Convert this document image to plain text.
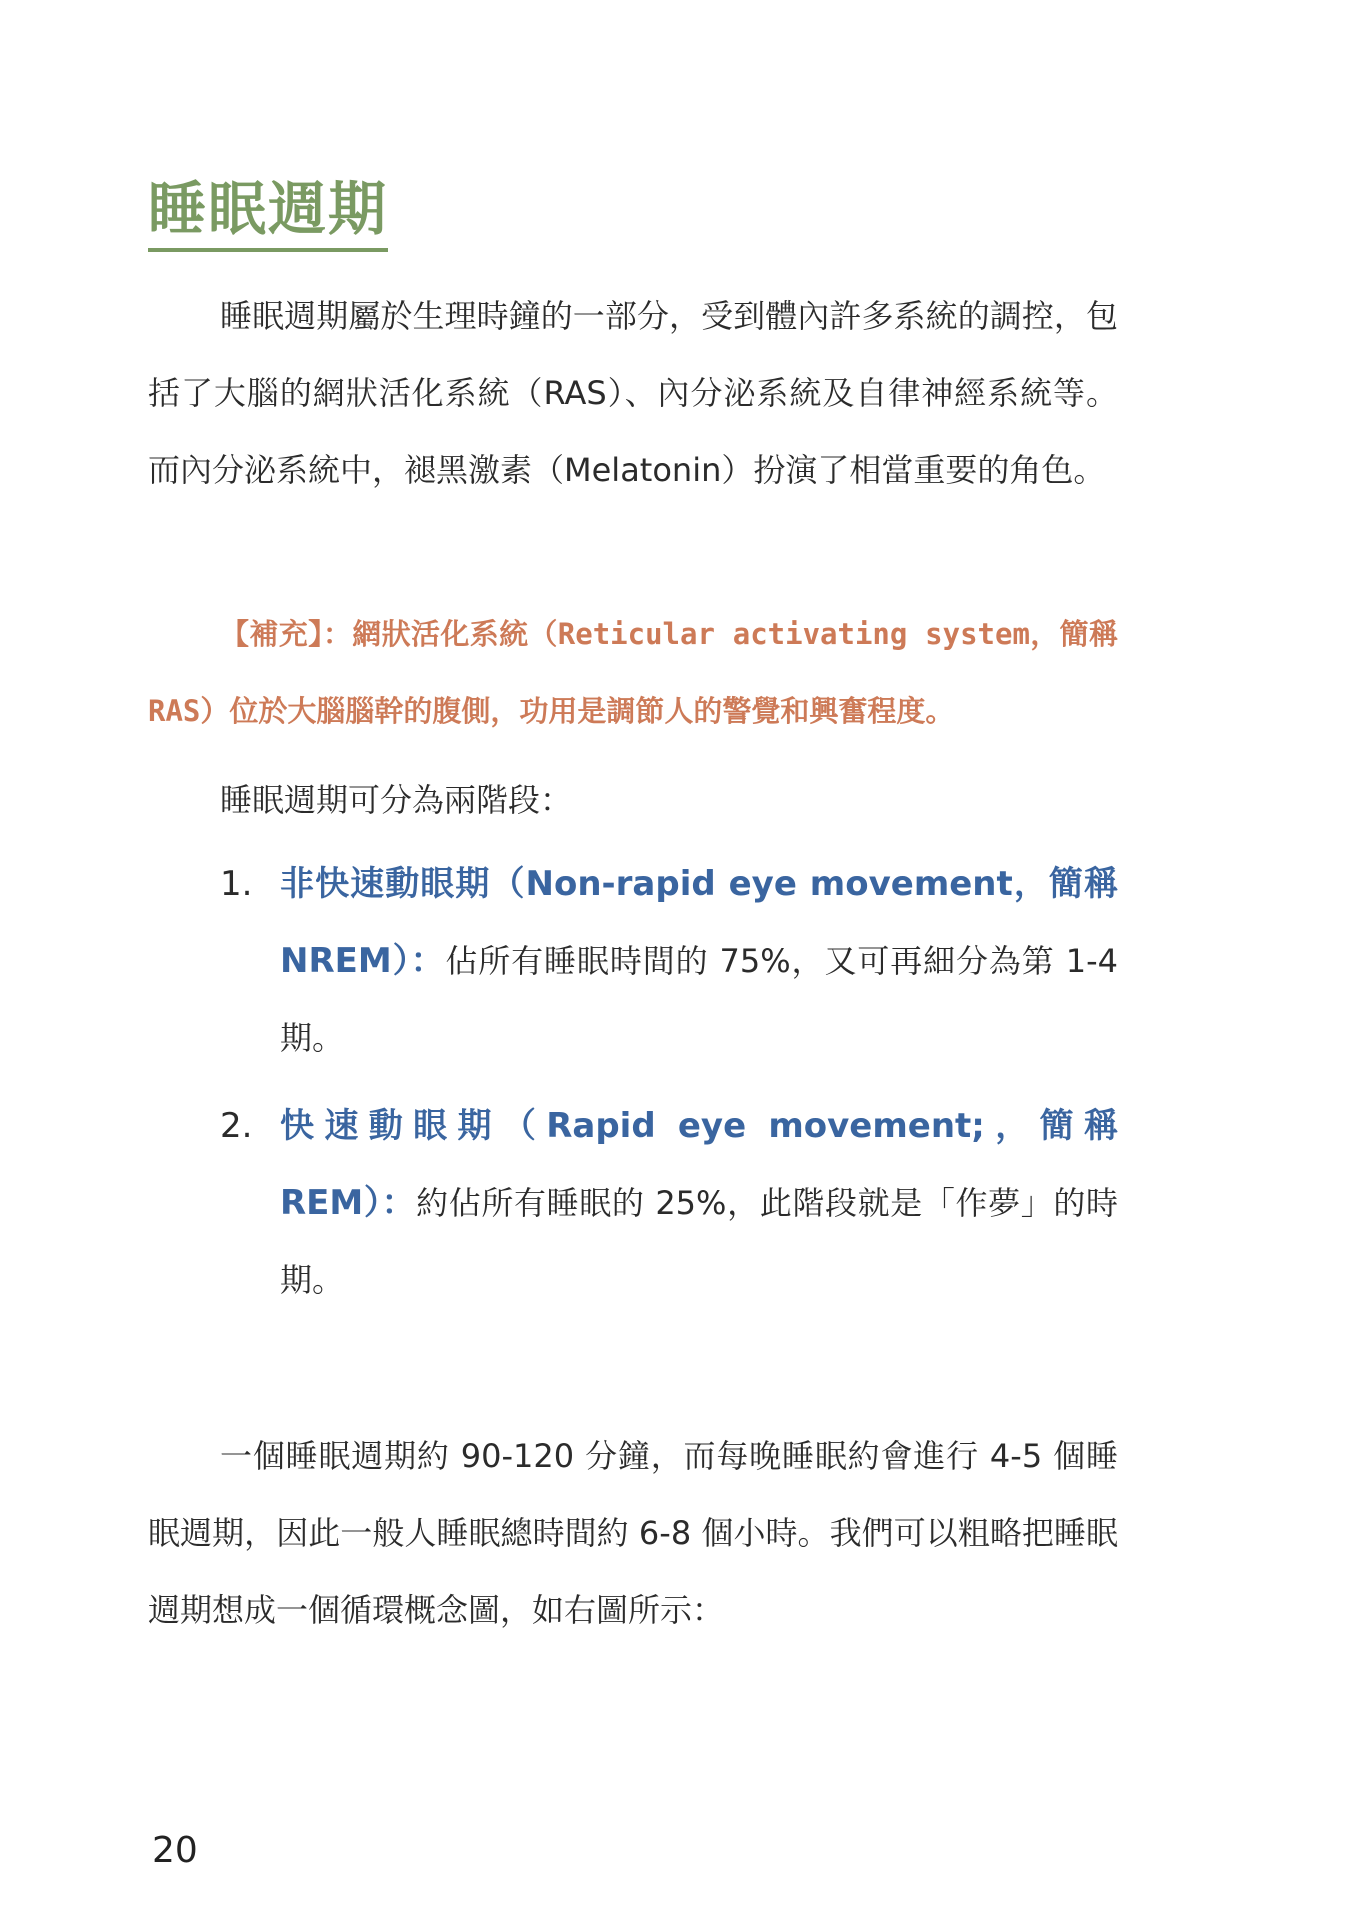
睡眠週期
睡眠週期屬於生理時鐘的一部分，受到體內許多系統的調控，包括了大腦的網狀活化系統（RAS）、內分泌系統及自律神經系統等。而內分泌系統中，褪黑激素（Melatonin）扮演了相當重要的角色。
【補充】：網狀活化系統（Reticular activating system，簡稱 RAS）位於大腦腦幹的腹側，功用是調節人的警覺和興奮程度。
睡眠週期可分為兩階段：
1. 非快速動眼期（Non-rapid eye movement，簡稱 NREM）：佔所有睡眠時間的 75%，又可再細分為第 1-4 期。
2. 快速動眼期（Rapid eye movement;，簡稱 REM）：約佔所有睡眠的 25%，此階段就是「作夢」的時期。
一個睡眠週期約 90-120 分鐘，而每晚睡眠約會進行 4-5 個睡眠週期，因此一般人睡眠總時間約 6-8 個小時。我們可以粗略把睡眠週期想成一個循環概念圖，如右圖所示：
20
